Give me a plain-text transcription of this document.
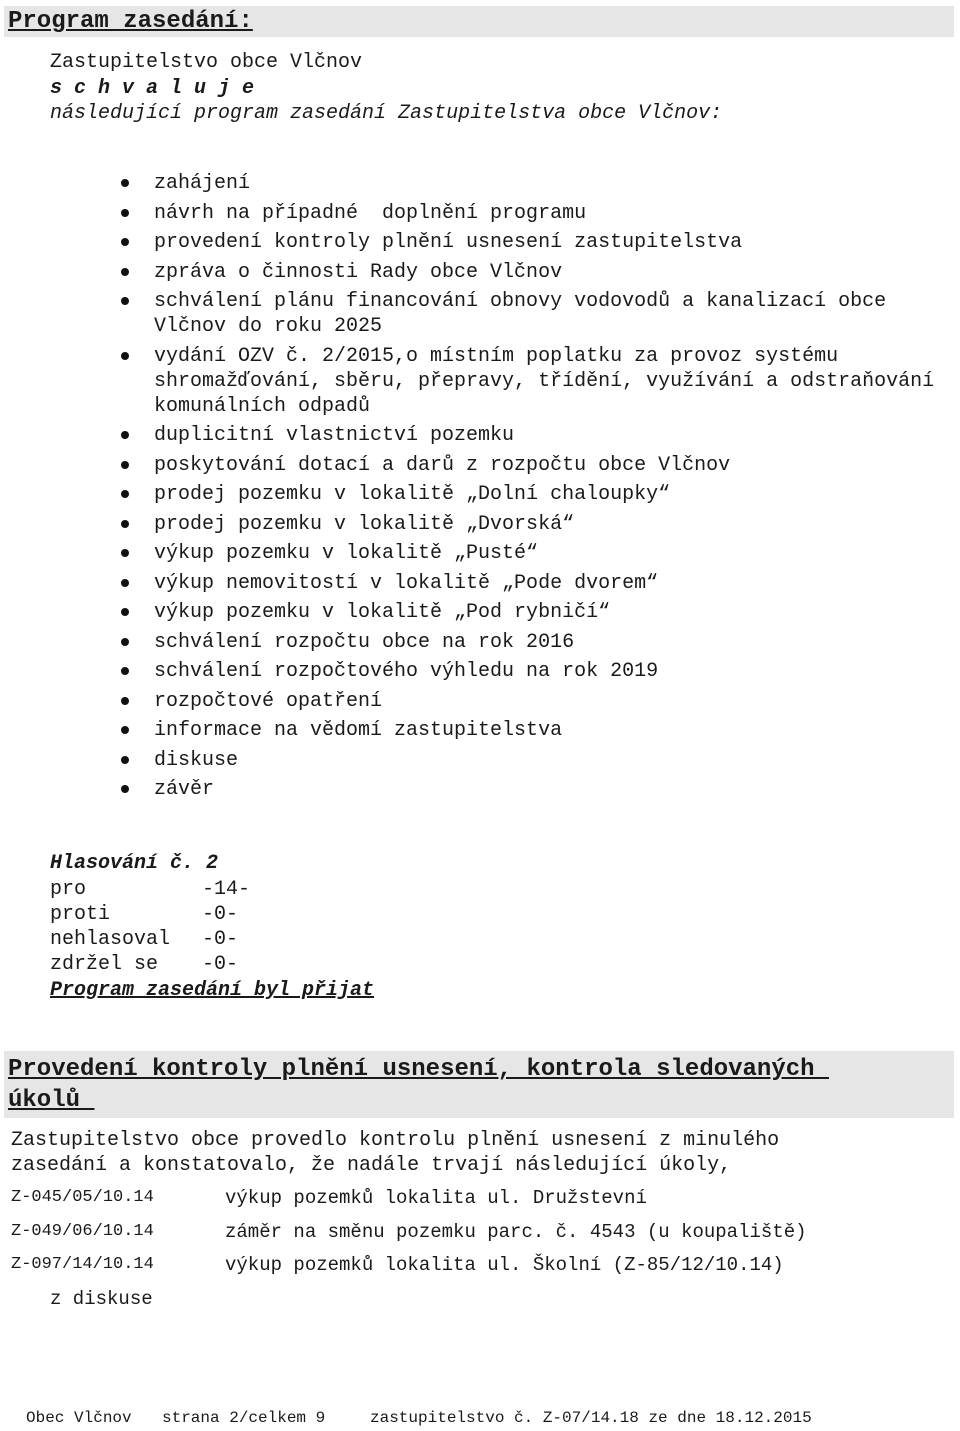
Program zasedání:
Zastupitelstvo obce Vlčnov
s c h v a l u j e
následující program zasedání Zastupitelstva obce Vlčnov:
zahájení
návrh na případné  doplnění programu
provedení kontroly plnění usnesení zastupitelstva
zpráva o činnosti Rady obce Vlčnov
schválení plánu financování obnovy vodovodů a kanalizací obce Vlčnov do roku 2025
vydání OZV č. 2/2015,o místním poplatku za provoz systému shromažďování, sběru, přepravy, třídění, využívání a odstraňování komunálních odpadů
duplicitní vlastnictví pozemku
poskytování dotací a darů z rozpočtu obce Vlčnov
prodej pozemku v lokalitě „Dolní chaloupky“
prodej pozemku v lokalitě „Dvorská“
výkup pozemku v lokalitě „Pusté“
výkup nemovitostí v lokalitě „Pode dvorem“
výkup pozemku v lokalitě „Pod rybničí“
schválení rozpočtu obce na rok 2016
schválení rozpočtového výhledu na rok 2019
rozpočtové opatření
informace na vědomí zastupitelstva
diskuse
závěr
Hlasování č. 2
pro	-14-
proti	-0-
nehlasoval -0-
zdržel se -0-
Program zasedání byl přijat
Provedení kontroly plnění usnesení, kontrola sledovaných
úkolů
Zastupitelstvo obce provedlo kontrolu plnění usnesení z minulého
zasedání a konstatovalo, že nadále trvají následující úkoly,
Z-045/05/10.14	výkup pozemků lokalita ul. Družstevní
Z-049/06/10.14	záměr na směnu pozemku parc. č. 4543 (u koupaliště)
Z-097/14/10.14	výkup pozemků lokalita ul. Školní (Z-85/12/10.14)
z diskuse
Obec Vlčnov strana 2/celkem 9	zastupitelstvo č. Z-07/14.18 ze dne 18.12.2015
